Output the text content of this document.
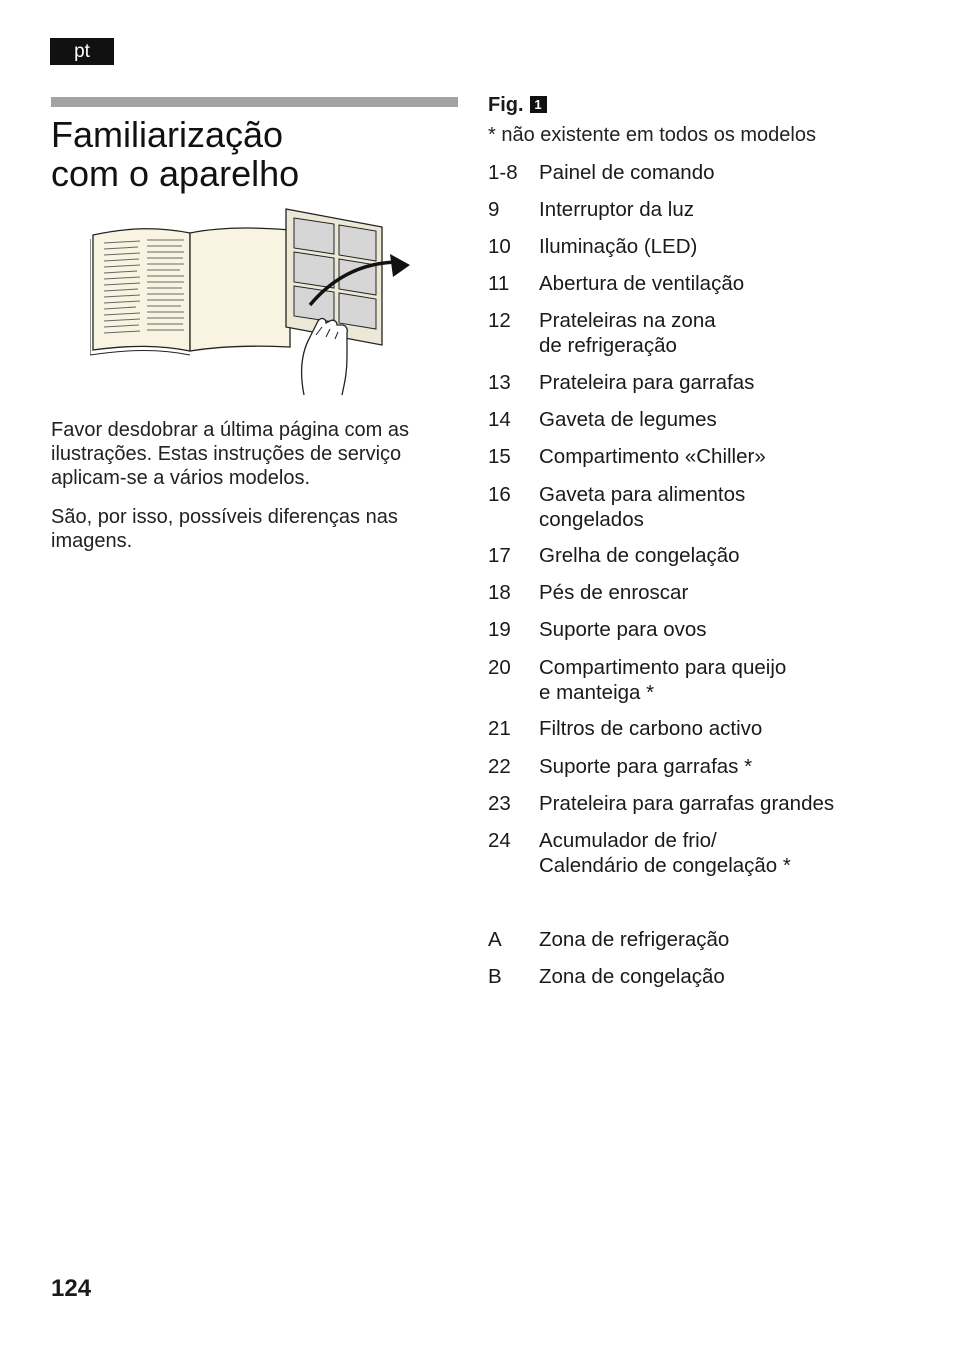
pt
Familiarização
com o aparelho

Favor desdobrar a última página com as ilustrações. Estas instruções de serviço aplicam-se a vários modelos.

São, por isso, possíveis diferenças nas imagens.

Fig. 1
* não existente em todos os modelos
1-8	Painel de comando
9	Interruptor da luz
10	Iluminação (LED)
11	Abertura de ventilação
12	Prateleiras na zona
de refrigeração
13	Prateleira para garrafas
14	Gaveta de legumes
15	Compartimento «Chiller»
16	Gaveta para alimentos
congelados
17	Grelha de congelação
18	Pés de enroscar
19	Suporte para ovos
20	Compartimento para queijo
e manteiga *
21	Filtros de carbono activo
22	Suporte para garrafas *
23	Prateleira para garrafas grandes
24	Acumulador de frio/
Calendário de congelação *
A	Zona de refrigeração
B	Zona de congelação
124
